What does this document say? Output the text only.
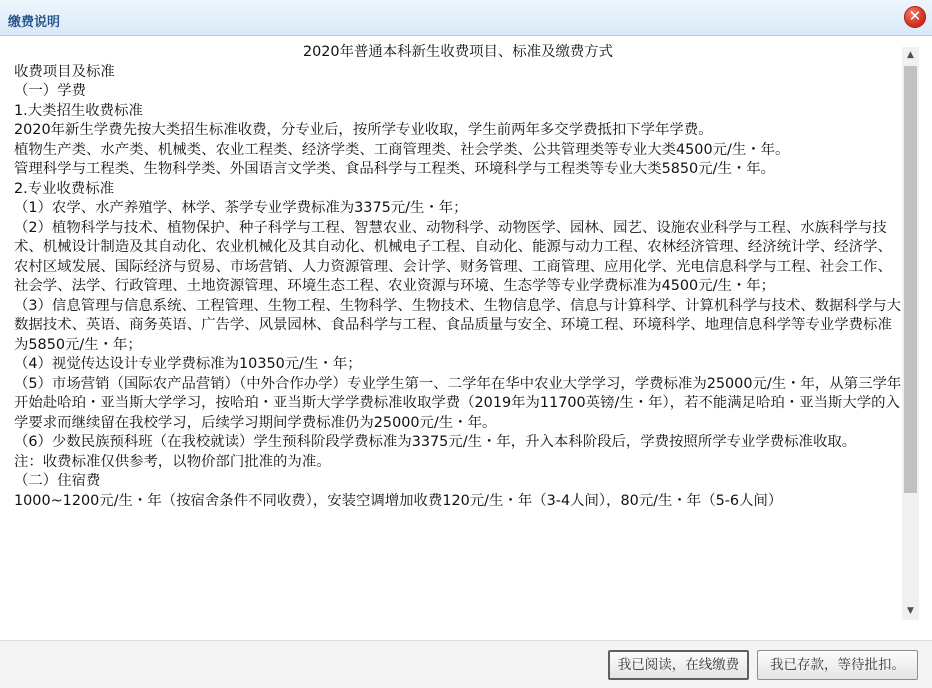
缴费说明	✕

2020年普通本科新生收费项目、标准及缴费方式

收费项目及标准

（一）学费

1.大类招生收费标准

2020年新生学费先按大类招生标准收费，分专业后，按所学专业收取，学生前两年多交学费抵扣下学年学费。

植物生产类、水产类、机械类、农业工程类、经济学类、工商管理类、社会学类、公共管理类等专业大类4500元/生・年。

管理科学与工程类、生物科学类、外国语言文学类、食品科学与工程类、环境科学与工程类等专业大类5850元/生・年。

2.专业收费标准

（1）农学、水产养殖学、林学、茶学专业学费标准为3375元/生・年；

（2）植物科学与技术、植物保护、种子科学与工程、智慧农业、动物科学、动物医学、园林、园艺、设施农业科学与工程、水族科学与技术、机械设计制造及其自动化、农业机械化及其自动化、机械电子工程、自动化、能源与动力工程、农林经济管理、经济统计学、经济学、农村区域发展、国际经济与贸易、市场营销、人力资源管理、会计学、财务管理、工商管理、应用化学、光电信息科学与工程、社会工作、社会学、法学、行政管理、土地资源管理、环境生态工程、农业资源与环境、生态学等专业学费标准为4500元/生・年；

（3）信息管理与信息系统、工程管理、生物工程、生物科学、生物技术、生物信息学、信息与计算科学、计算机科学与技术、数据科学与大数据技术、英语、商务英语、广告学、风景园林、食品科学与工程、食品质量与安全、环境工程、环境科学、地理信息科学等专业学费标准为5850元/生・年；

（4）视觉传达设计专业学费标准为10350元/生・年；

（5）市场营销（国际农产品营销）（中外合作办学）专业学生第一、二学年在华中农业大学学习，学费标准为25000元/生・年，从第三学年开始赴哈珀・亚当斯大学学习，按哈珀・亚当斯大学学费标准收取学费（2019年为11700英镑/生・年），若不能满足哈珀・亚当斯大学的入学要求而继续留在我校学习，后续学习期间学费标准仍为25000元/生・年。

（6）少数民族预科班（在我校就读）学生预科阶段学费标准为3375元/生・年，升入本科阶段后，学费按照所学专业学费标准收取。

注：收费标准仅供参考，以物价部门批准的为准。

（二）住宿费

1000~1200元/生・年（按宿舍条件不同收费），安装空调增加收费120元/生・年（3-4人间），80元/生・年（5-6人间）

▲
▼
我已阅读，在线缴费	我已存款，等待批扣。
